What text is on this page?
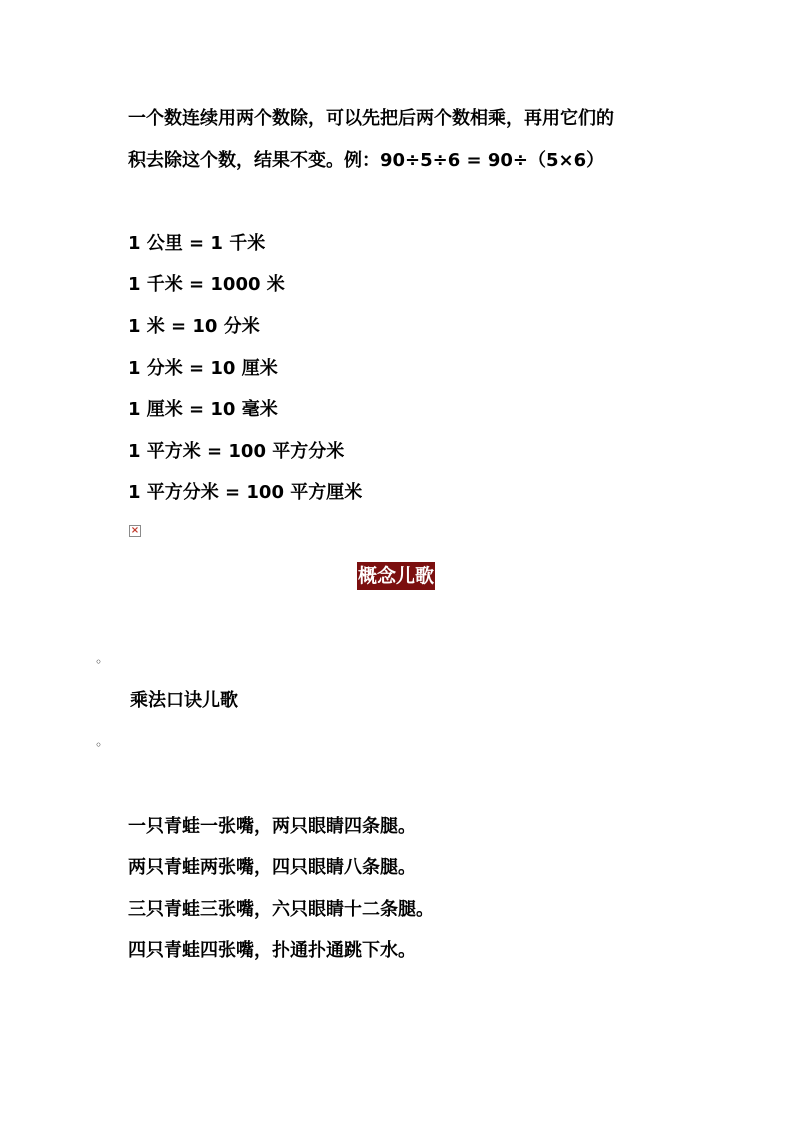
一个数连续用两个数除，可以先把后两个数相乘，再用它们的
积去除这个数，结果不变。例：90÷5÷6 = 90÷（5×6）
1 公里 = 1 千米
1 千米 = 1000 米
1 米 = 10 分米
1 分米 = 10 厘米
1 厘米 = 10 毫米
1 平方米 = 100 平方分米
1 平方分米 = 100 平方厘米
×
概念儿歌
◦
乘法口诀儿歌
◦
一只青蛙一张嘴，两只眼睛四条腿。
两只青蛙两张嘴，四只眼睛八条腿。
三只青蛙三张嘴，六只眼睛十二条腿。
四只青蛙四张嘴，扑通扑通跳下水。
